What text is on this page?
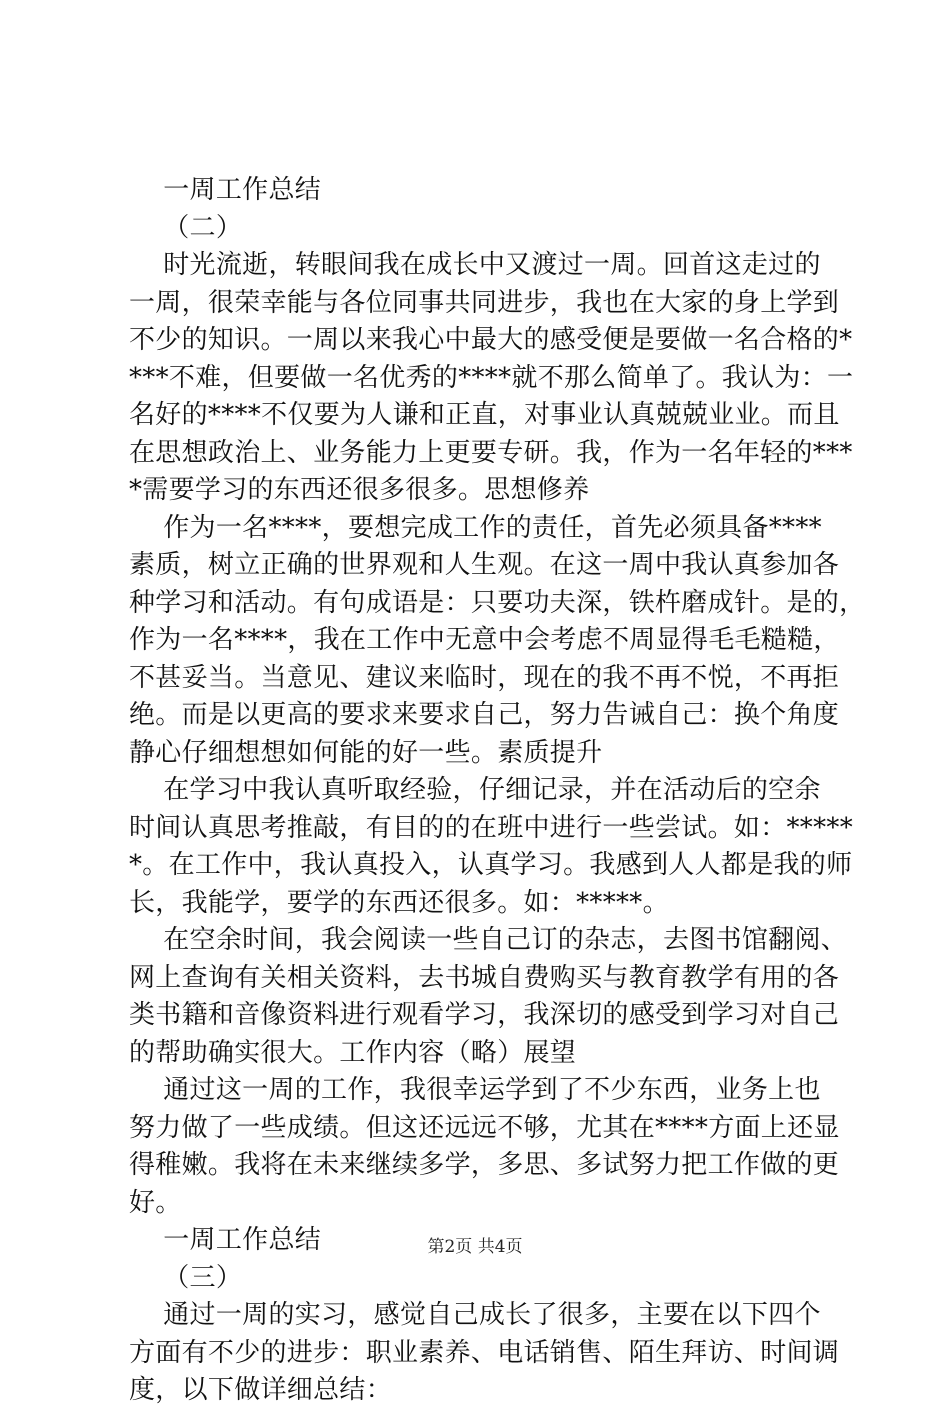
一周工作总结
（二）
时光流逝，转眼间我在成长中又渡过一周。回首这走过的
一周，很荣幸能与各位同事共同进步，我也在大家的身上学到
不少的知识。一周以来我心中最大的感受便是要做一名合格的*
***不难，但要做一名优秀的****就不那么简单了。我认为：一
名好的****不仅要为人谦和正直，对事业认真兢兢业业。而且
在思想政治上、业务能力上更要专研。我，作为一名年轻的***
*需要学习的东西还很多很多。思想修养
作为一名****，要想完成工作的责任，首先必须具备****
素质，树立正确的世界观和人生观。在这一周中我认真参加各
种学习和活动。有句成语是：只要功夫深，铁杵磨成针。是的，
作为一名****，我在工作中无意中会考虑不周显得毛毛糙糙，
不甚妥当。当意见、建议来临时，现在的我不再不悦，不再拒
绝。而是以更高的要求来要求自己，努力告诫自己：换个角度
静心仔细想想如何能的好一些。素质提升
在学习中我认真听取经验，仔细记录，并在活动后的空余
时间认真思考推敲，有目的的在班中进行一些尝试。如：*****
*。在工作中，我认真投入，认真学习。我感到人人都是我的师
长，我能学，要学的东西还很多。如：*****。
在空余时间，我会阅读一些自己订的杂志，去图书馆翻阅、
网上查询有关相关资料，去书城自费购买与教育教学有用的各
类书籍和音像资料进行观看学习，我深切的感受到学习对自己
的帮助确实很大。工作内容（略）展望
通过这一周的工作，我很幸运学到了不少东西，业务上也
努力做了一些成绩。但这还远远不够，尤其在****方面上还显
得稚嫩。我将在未来继续多学，多思、多试努力把工作做的更
好。
一周工作总结
（三）
通过一周的实习，感觉自己成长了很多，主要在以下四个
方面有不少的进步：职业素养、电话销售、陌生拜访、时间调
度，以下做详细总结：
第2页 共4页
